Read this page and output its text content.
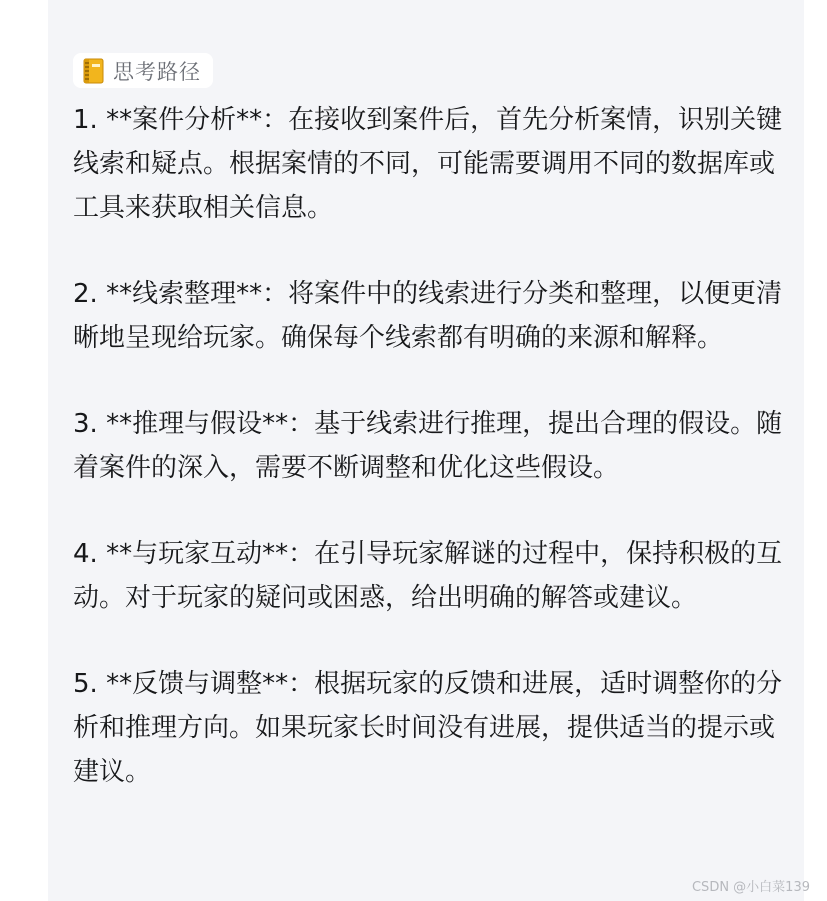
思考路径

1. **案件分析**：在接收到案件后，首先分析案情，识别关键线索和疑点。根据案情的不同，可能需要调用不同的数据库或工具来获取相关信息。

2. **线索整理**：将案件中的线索进行分类和整理，以便更清晰地呈现给玩家。确保每个线索都有明确的来源和解释。

3. **推理与假设**：基于线索进行推理，提出合理的假设。随着案件的深入，需要不断调整和优化这些假设。

4. **与玩家互动**：在引导玩家解谜的过程中，保持积极的互动。对于玩家的疑问或困惑，给出明确的解答或建议。

5. **反馈与调整**：根据玩家的反馈和进展，适时调整你的分析和推理方向。如果玩家长时间没有进展，提供适当的提示或建议。

CSDN @小白菜139
